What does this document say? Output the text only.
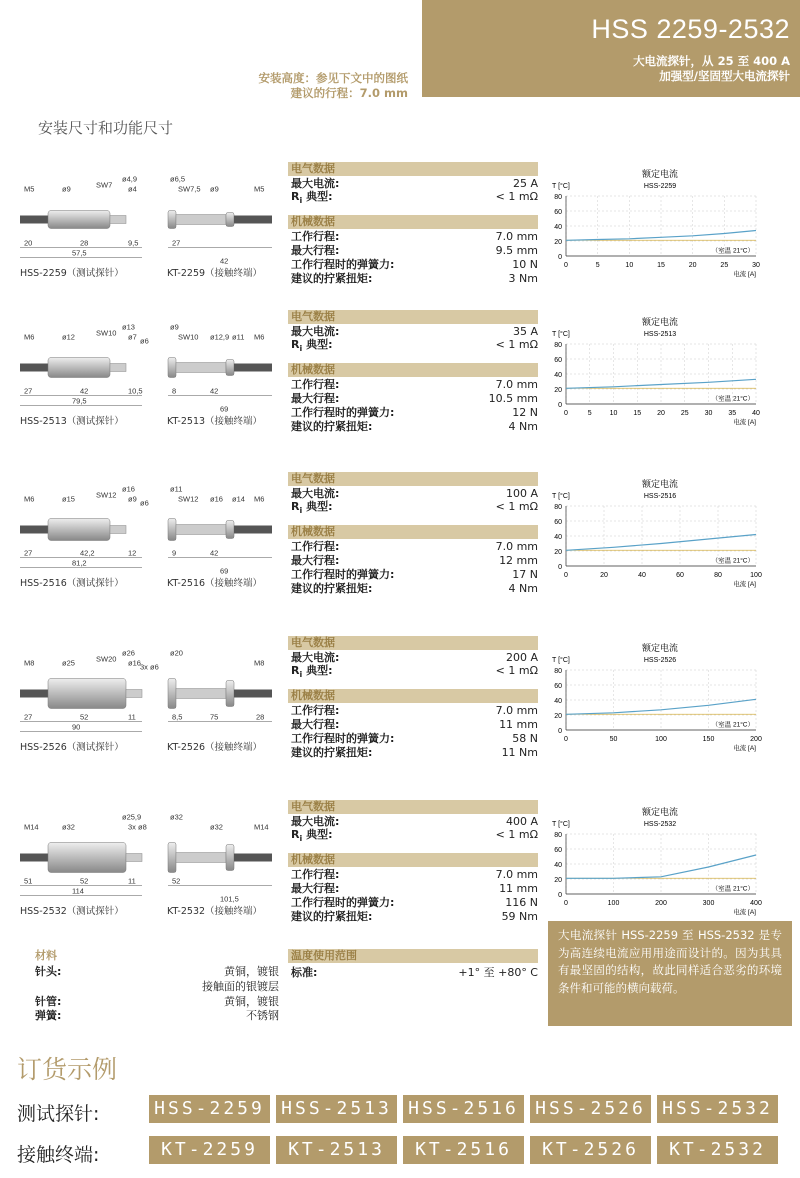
HSS 2259-2532
大电流探针，从 25 至 400 A
加强型/坚固型大电流探针
安装高度：参见下文中的图纸
建议的行程：7.0 mm
安装尺寸和功能尺寸
20	28	9,5
57,5
M5	ø9	SW7
ø4,9
ø4
ø6,5
SW7,5 ø9	M5
27
42
HSS-2259（测试探针）	KT-2259（接触终端）
电气数据
最大电流:	25 A
$R_i$ 典型:	< 1 mΩ
机械数据
工作行程:	7.0 mm
最大行程:	9.5 mm
工作行程时的弹簧力:	10 N
建议的拧紧扭矩:	3 Nm
额定电流
HSS-2259
T [°C]
0
20
40
60
80
0	5	10	15	20	25	30
（室温 21°C）
电流 [A]
27	42	10,5
79,5
M6	ø12	SW10
ø13
ø7 ø6
ø9
SW10 ø12,9 ø11 M6
8	42
69
HSS-2513（测试探针）	KT-2513（接触终端）
电气数据
最大电流:	35 A
$R_i$ 典型:	< 1 mΩ
机械数据
工作行程:	7.0 mm
最大行程:	10.5 mm
工作行程时的弹簧力:	12 N
建议的拧紧扭矩:	4 Nm
额定电流
HSS-2513
T [°C]
0
20
40
60
80
0	5	10 15 20 25 30 35 40
（室温 21°C）
电流 [A]
27	42,2	12
81,2
M6	ø15	SW12
ø16
ø9 ø6
ø11
SW12 ø16 ø14 M6
9	42
69
HSS-2516（测试探针）	KT-2516（接触终端）
电气数据
最大电流:	100 A
$R_i$ 典型:	< 1 mΩ
机械数据
工作行程:	7.0 mm
最大行程:	12 mm
工作行程时的弹簧力:	17 N
建议的拧紧扭矩:	4 Nm
额定电流
HSS-2516
T [°C]
0
20
40
60
80
0	20	40	60	80	100
（室温 21°C）
电流 [A]
27	52	11
90
M8	ø25	SW20
ø26
ø16 3x ø6
ø20
M8
8,5	75	28
HSS-2526（测试探针）	KT-2526（接触终端）
电气数据
最大电流:	200 A
$R_i$ 典型:	< 1 mΩ
机械数据
工作行程:	7.0 mm
最大行程:	11 mm
工作行程时的弹簧力:	58 N
建议的拧紧扭矩:	11 Nm
额定电流
HSS-2526
T [°C]
0
20
40
60
80
0	50	100	150	200
（室温 21°C）
电流 [A]
51	52	11
114
M14	ø32
ø25,9
3x ø8
ø32
ø32	M14
52
101,5
HSS-2532（测试探针）	KT-2532（接触终端）
电气数据
最大电流:	400 A
$R_i$ 典型:	< 1 mΩ
机械数据
工作行程:	7.0 mm
最大行程:	11 mm
工作行程时的弹簧力:	116 N
建议的拧紧扭矩:	59 Nm
额定电流
HSS-2532
T [°C]
0
20
40
60
80
0	100	200	300	400
（室温 21°C）
电流 [A]
材料
针头:	黄铜，镀银
接触面的银镀层
针管:	黄铜，镀银
弹簧:	不锈钢
温度使用范围
标准:	+1° 至 +80° C
大电流探针 HSS-2259 至 HSS-2532 是专为高连续电流应用用途而设计的。因为其具有最坚固的结构，故此同样适合恶劣的环境条件和可能的横向载荷。
订货示例
测试探针:
接触终端:
HSS-2259 HSS-2513 HSS-2516 HSS-2526 HSS-2532
KT-2259	KT-2513	KT-2516	KT-2526	KT-2532
